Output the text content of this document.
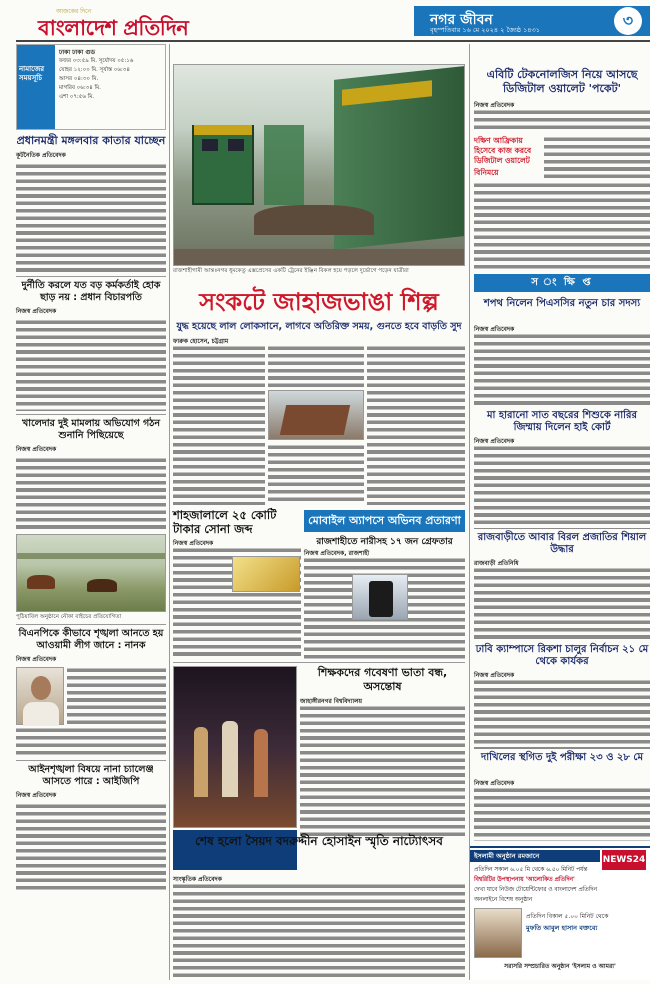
আজকের দিনে
বাংলাদেশ প্রতিদিন	নগর জীবন
বৃহস্পতিবার ১৬ মে ২০২৪ ২ জ্যৈষ্ঠ ১৪৩১	৩
নামাজের সময়সূচি
ঢাকা ঢাকা গুড
ফজর ০৩:৫৯ মি. সূর্যোদয় ০৫:১৬
যোহর ১২:০০ মি. সূর্যাস্ত ০৬:৩৪
আসর ০৪:৩০ মি.
মাগরিব ০৬:৩৪ মি.
এশা ০৭:৫৬ মি.
প্রধানমন্ত্রী মঙ্গলবার কাতার যাচ্ছেন
কূটনৈতিক প্রতিবেদক
দুর্নীতি করলে যত বড় কর্মকর্তাই হোক ছাড় নয় : প্রধান বিচারপতি
নিজস্ব প্রতিবেদক
খালেদার দুই মামলায় অভিযোগ গঠন শুনানি পিছিয়েছে
নিজস্ব প্রতিবেদক
পুঠিয়াবিল অনুষ্ঠানে নৌকা বাইচের প্রতিযোগিতা
বিএনপিকে কীভাবে শৃঙ্খলা আনতে হয় আওয়ামী লীগ জানে : নানক
নিজস্ব প্রতিবেদক
আইনশৃঙ্খলা বিষয়ে নানা চ্যালেঞ্জ আসতে পারে : আইজিপি
নিজস্ব প্রতিবেদক
রাজশাহীগামী আন্তঃনগর ধূমকেতু এক্সপ্রেসের একটি ট্রেনের ইঞ্জিন বিকল হয়ে পড়লে দুর্ভোগে পড়েন যাত্রীরা
সংকটে জাহাজভাঙা শিল্প
যুদ্ধ হয়েছে লাল লোকসানে, লাগবে অতিরিক্ত সময়, গুনতে হবে বাড়তি সুদ
ফারুক হোসেন, চট্টগ্রাম
শাহজালালে ২৫ কোটি টাকার সোনা জব্দ
নিজস্ব প্রতিবেদক
মোবাইল অ্যাপসে অভিনব প্রতারণা
রাজশাহীতে নারীসহ ১৭ জন গ্রেফতার
নিজস্ব প্রতিবেদক, রাজশাহী
শিক্ষকদের গবেষণা ভাতা বন্ধ, অসন্তোষ
জাহাঙ্গীরনগর বিশ্ববিদ্যালয়
শেষ হলো সৈয়দ বদরুদ্দীন হোসাইন স্মৃতি নাট্যোৎসব
সাংস্কৃতিক প্রতিবেদক
এবিটি টেকনোলজিস নিয়ে আসছে ডিজিটাল ওয়ালেট 'পকেট'
নিজস্ব প্রতিবেদক
দক্ষিণ আফ্রিকায় হিসেবে কাজ করবে ডিজিটাল ওয়ালেট
বিনিময়ে
স ং ক্ষি প্ত
শপথ নিলেন পিএসসির নতুন চার সদস্য
নিজস্ব প্রতিবেদক
মা হারানো সাত বছরের শিশুকে নারির জিম্মায় দিলেন হাই কোর্ট
নিজস্ব প্রতিবেদক
রাজবাড়ীতে আবার বিরল প্রজাতির শিয়াল উদ্ধার
রাজবাড়ী প্রতিনিধি
ঢাবি ক্যাম্পাসে রিকশা চালুর নির্বাচন ২১ মে থেকে কার্যকর
নিজস্ব প্রতিবেদক
দাখিলের স্থগিত দুই পরীক্ষা ২৩ ও ২৮ মে
নিজস্ব প্রতিবেদক
ইসলামী অনুষ্ঠান রমজানে	NEWS24
প্রতিদিন সকাল ৬.০৫ মি থেকে ৬.৫০ মিনিট পর্যন্ত
বিশ্বরিটির উপস্থাপনায় 'আলোকিত প্রতিদিন'
দেখা যাবে নিউজ টোয়েন্টিফোর ও বাংলাদেশ প্রতিদিন
অনলাইনে বিশেষ অনুষ্ঠান
প্রতিদিন বিকাল ৫.০০ মিনিট থেকে
মুফতি আবুল হাসান বক্তব্যে
সরাসরি সম্প্রচারিত অনুষ্ঠান 'ইসলাম ও আমরা'
